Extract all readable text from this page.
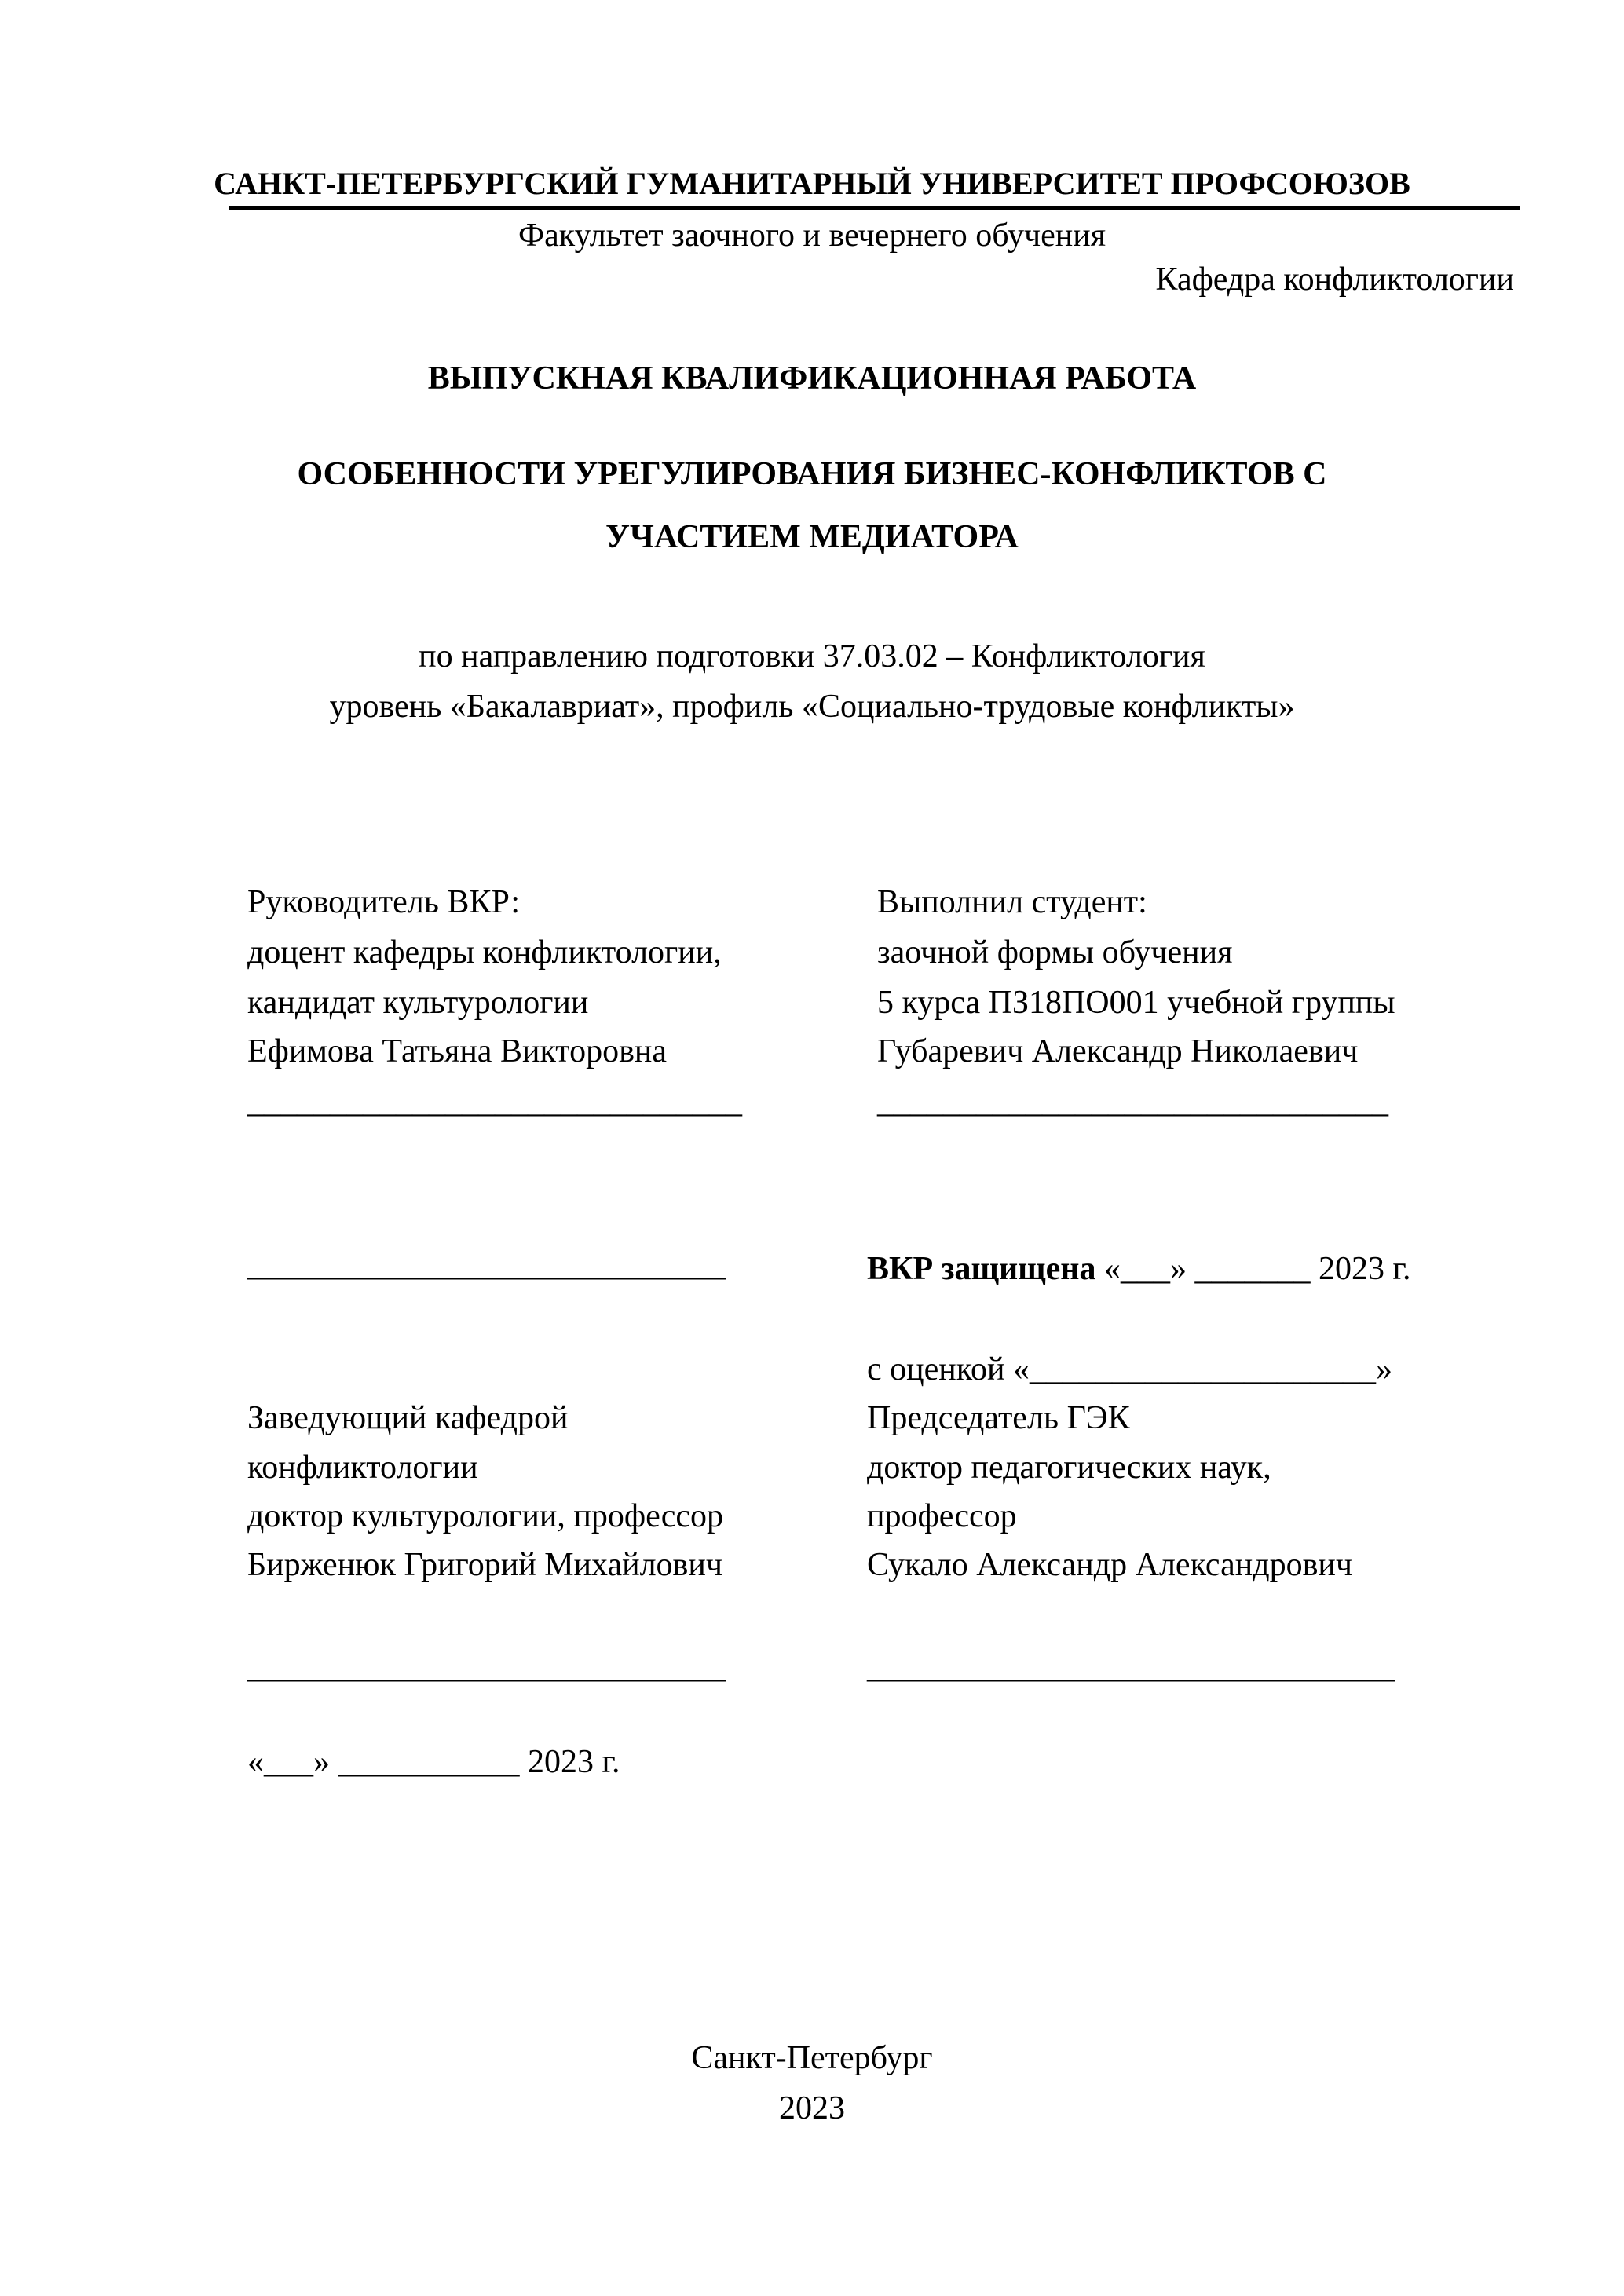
САНКТ-ПЕТЕРБУРГСКИЙ ГУМАНИТАРНЫЙ УНИВЕРСИТЕТ ПРОФСОЮЗОВ
Факультет заочного и вечернего обучения
Кафедра конфликтологии
ВЫПУСКНАЯ КВАЛИФИКАЦИОННАЯ РАБОТА
ОСОБЕННОСТИ УРЕГУЛИРОВАНИЯ БИЗНЕС-КОНФЛИКТОВ С
УЧАСТИЕМ МЕДИАТОРА
по направлению подготовки 37.03.02 – Конфликтология
уровень «Бакалавриат», профиль «Социально-трудовые конфликты»
Руководитель ВКР:
доцент кафедры конфликтологии,
кандидат культурологии
Ефимова Татьяна Викторовна
______________________________
Выполнил студент:
заочной формы обучения
5 курса ПЗ18ПО001 учебной группы
Губаревич Александр Николаевич
_______________________________
_____________________________	ВКР защищена «___» _______ 2023 г.
с оценкой «_____________________»
Заведующий кафедрой
конфликтологии
доктор культурологии, профессор
Бирженюк Григорий Михайлович
_____________________________
«___» ___________ 2023 г.
Председатель ГЭК
доктор педагогических наук,
профессор
Сукало Александр Александрович
________________________________
Санкт-Петербург
2023
